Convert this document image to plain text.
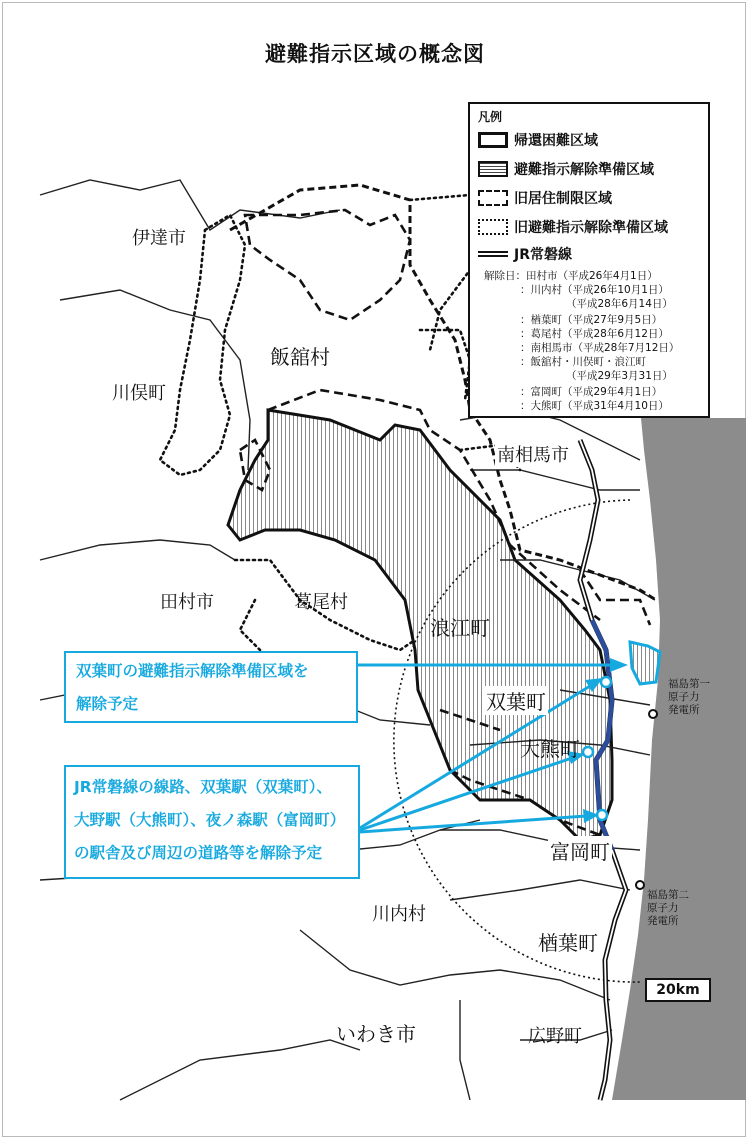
避難指示区域の概念図
伊達市
飯舘村
川俣町
南相馬市
田村市	葛尾村
浪江町
双葉町
大熊町
富岡町
川内村
楢葉町
いわき市	広野町
福島第一
原子力
発電所
福島第二
原子力
発電所
凡例
帰還困難区域
避難指示解除準備区域
旧居住制限区域
旧避難指示解除準備区域
JR常磐線
解除日：田村市（平成26年4月1日）
：川内村（平成26年10月1日）
（平成28年6月14日）
：楢葉町（平成27年9月5日）
：葛尾村（平成28年6月12日）
：南相馬市（平成28年7月12日）
：飯舘村・川俣町・浪江町
（平成29年3月31日）
：富岡町（平成29年4月1日）
：大熊町（平成31年4月10日）
双葉町の避難指示解除準備区域を
解除予定
JR常磐線の線路、双葉駅（双葉町）、
大野駅（大熊町）、夜ノ森駅（富岡町）
の駅舎及び周辺の道路等を解除予定
20km
